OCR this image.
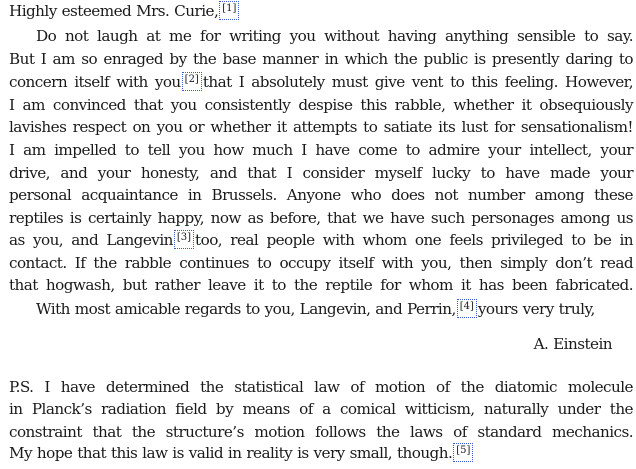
Highly esteemed Mrs. Curie, [1]
Do not laugh at me for writing you without having anything sensible to say.
But I am so enraged by the base manner in which the public is presently daring to
concern itself with you [2] that I absolutely must give vent to this feeling. However,
I am convinced that you consistently despise this rabble, whether it obsequiously
lavishes respect on you or whether it attempts to satiate its lust for sensationalism!
I am impelled to tell you how much I have come to admire your intellect, your
drive, and your honesty, and that I consider myself lucky to have made your
personal acquaintance in Brussels. Anyone who does not number among these
reptiles is certainly happy, now as before, that we have such personages among us
as you, and Langevin [3] too, real people with whom one feels privileged to be in
contact. If the rabble continues to occupy itself with you, then simply don’t read
that hogwash, but rather leave it to the reptile for whom it has been fabricated.
With most amicable regards to you, Langevin, and Perrin, [4] yours very truly,
A. Einstein
P.S. I have determined the statistical law of motion of the diatomic molecule
in Planck’s radiation field by means of a comical witticism, naturally under the
constraint that the structure’s motion follows the laws of standard mechanics.
My hope that this law is valid in reality is very small, though. [5]
